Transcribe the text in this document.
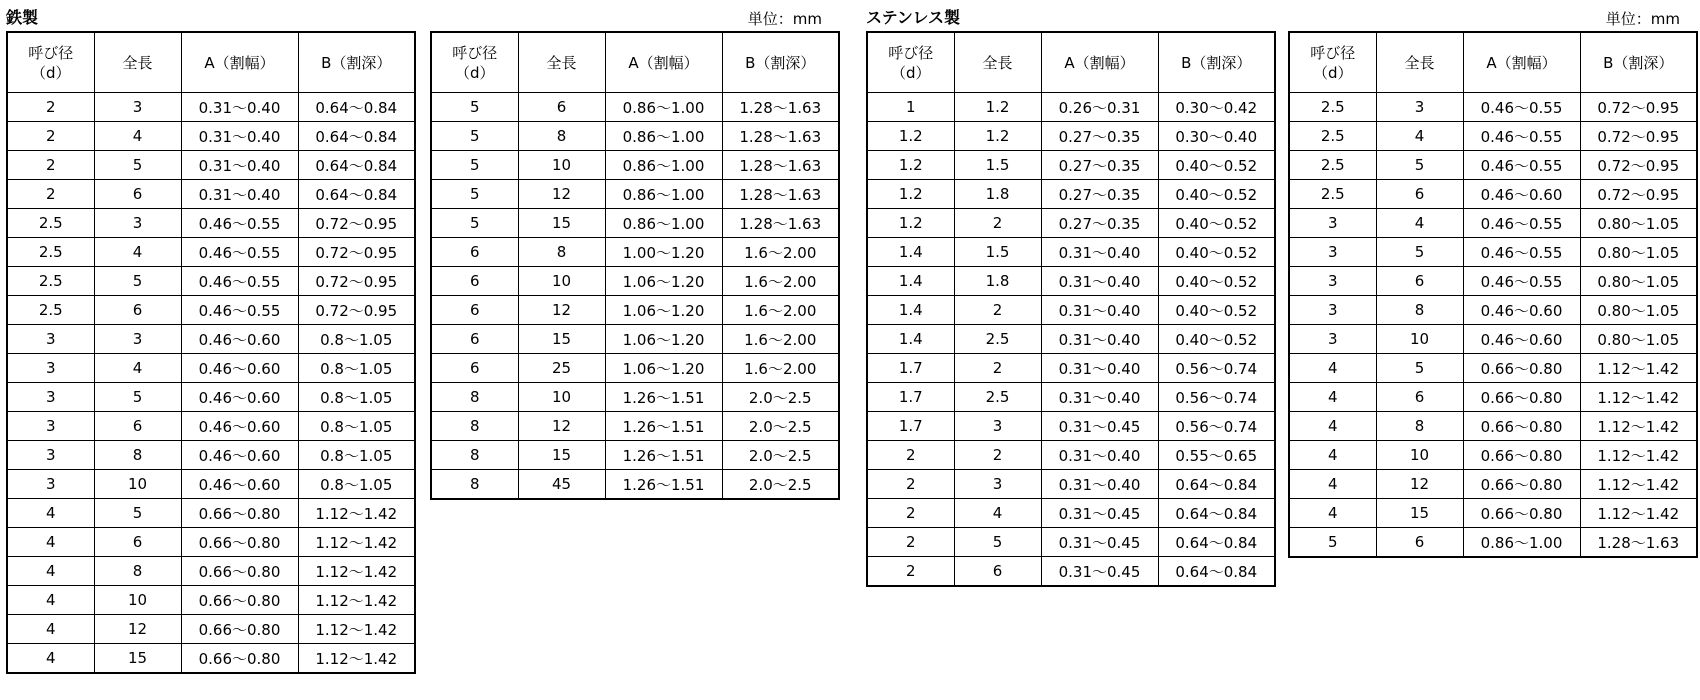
鉄製
呼び径
（d）	全長	A（割幅）	B（割深）
2	3	0.31～0.40	0.64～0.84
2	4	0.31～0.40	0.64～0.84
2	5	0.31～0.40	0.64～0.84
2	6	0.31～0.40	0.64～0.84
2.5	3	0.46～0.55	0.72～0.95
2.5	4	0.46～0.55	0.72～0.95
2.5	5	0.46～0.55	0.72～0.95
2.5	6	0.46～0.55	0.72～0.95
3	3	0.46～0.60	0.8～1.05
3	4	0.46～0.60	0.8～1.05
3	5	0.46～0.60	0.8～1.05
3	6	0.46～0.60	0.8～1.05
3	8	0.46～0.60	0.8～1.05
3	10	0.46～0.60	0.8～1.05
4	5	0.66～0.80	1.12～1.42
4	6	0.66～0.80	1.12～1.42
4	8	0.66～0.80	1.12～1.42
4	10	0.66～0.80	1.12～1.42
4	12	0.66～0.80	1.12～1.42
4	15	0.66～0.80	1.12～1.42
単位：mm
呼び径
（d）	全長	A（割幅）	B（割深）
5	6	0.86～1.00	1.28～1.63
5	8	0.86～1.00	1.28～1.63
5	10	0.86～1.00	1.28～1.63
5	12	0.86～1.00	1.28～1.63
5	15	0.86～1.00	1.28～1.63
6	8	1.00～1.20	1.6～2.00
6	10	1.06～1.20	1.6～2.00
6	12	1.06～1.20	1.6～2.00
6	15	1.06～1.20	1.6～2.00
6	25	1.06～1.20	1.6～2.00
8	10	1.26～1.51	2.0～2.5
8	12	1.26～1.51	2.0～2.5
8	15	1.26～1.51	2.0～2.5
8	45	1.26～1.51	2.0～2.5
ステンレス製
呼び径
（d）	全長	A（割幅）	B（割深）
1	1.2	0.26～0.31	0.30～0.42
1.2	1.2	0.27～0.35	0.30～0.40
1.2	1.5	0.27～0.35	0.40～0.52
1.2	1.8	0.27～0.35	0.40～0.52
1.2	2	0.27～0.35	0.40～0.52
1.4	1.5	0.31～0.40	0.40～0.52
1.4	1.8	0.31～0.40	0.40～0.52
1.4	2	0.31～0.40	0.40～0.52
1.4	2.5	0.31～0.40	0.40～0.52
1.7	2	0.31～0.40	0.56～0.74
1.7	2.5	0.31～0.40	0.56～0.74
1.7	3	0.31～0.45	0.56～0.74
2	2	0.31～0.40	0.55～0.65
2	3	0.31～0.40	0.64～0.84
2	4	0.31～0.45	0.64～0.84
2	5	0.31～0.45	0.64～0.84
2	6	0.31～0.45	0.64～0.84
単位：mm
呼び径
（d）	全長	A（割幅）	B（割深）
2.5	3	0.46～0.55	0.72～0.95
2.5	4	0.46～0.55	0.72～0.95
2.5	5	0.46～0.55	0.72～0.95
2.5	6	0.46～0.60	0.72～0.95
3	4	0.46～0.55	0.80～1.05
3	5	0.46～0.55	0.80～1.05
3	6	0.46～0.55	0.80～1.05
3	8	0.46～0.60	0.80～1.05
3	10	0.46～0.60	0.80～1.05
4	5	0.66～0.80	1.12～1.42
4	6	0.66～0.80	1.12～1.42
4	8	0.66～0.80	1.12～1.42
4	10	0.66～0.80	1.12～1.42
4	12	0.66～0.80	1.12～1.42
4	15	0.66～0.80	1.12～1.42
5	6	0.86～1.00	1.28～1.63
